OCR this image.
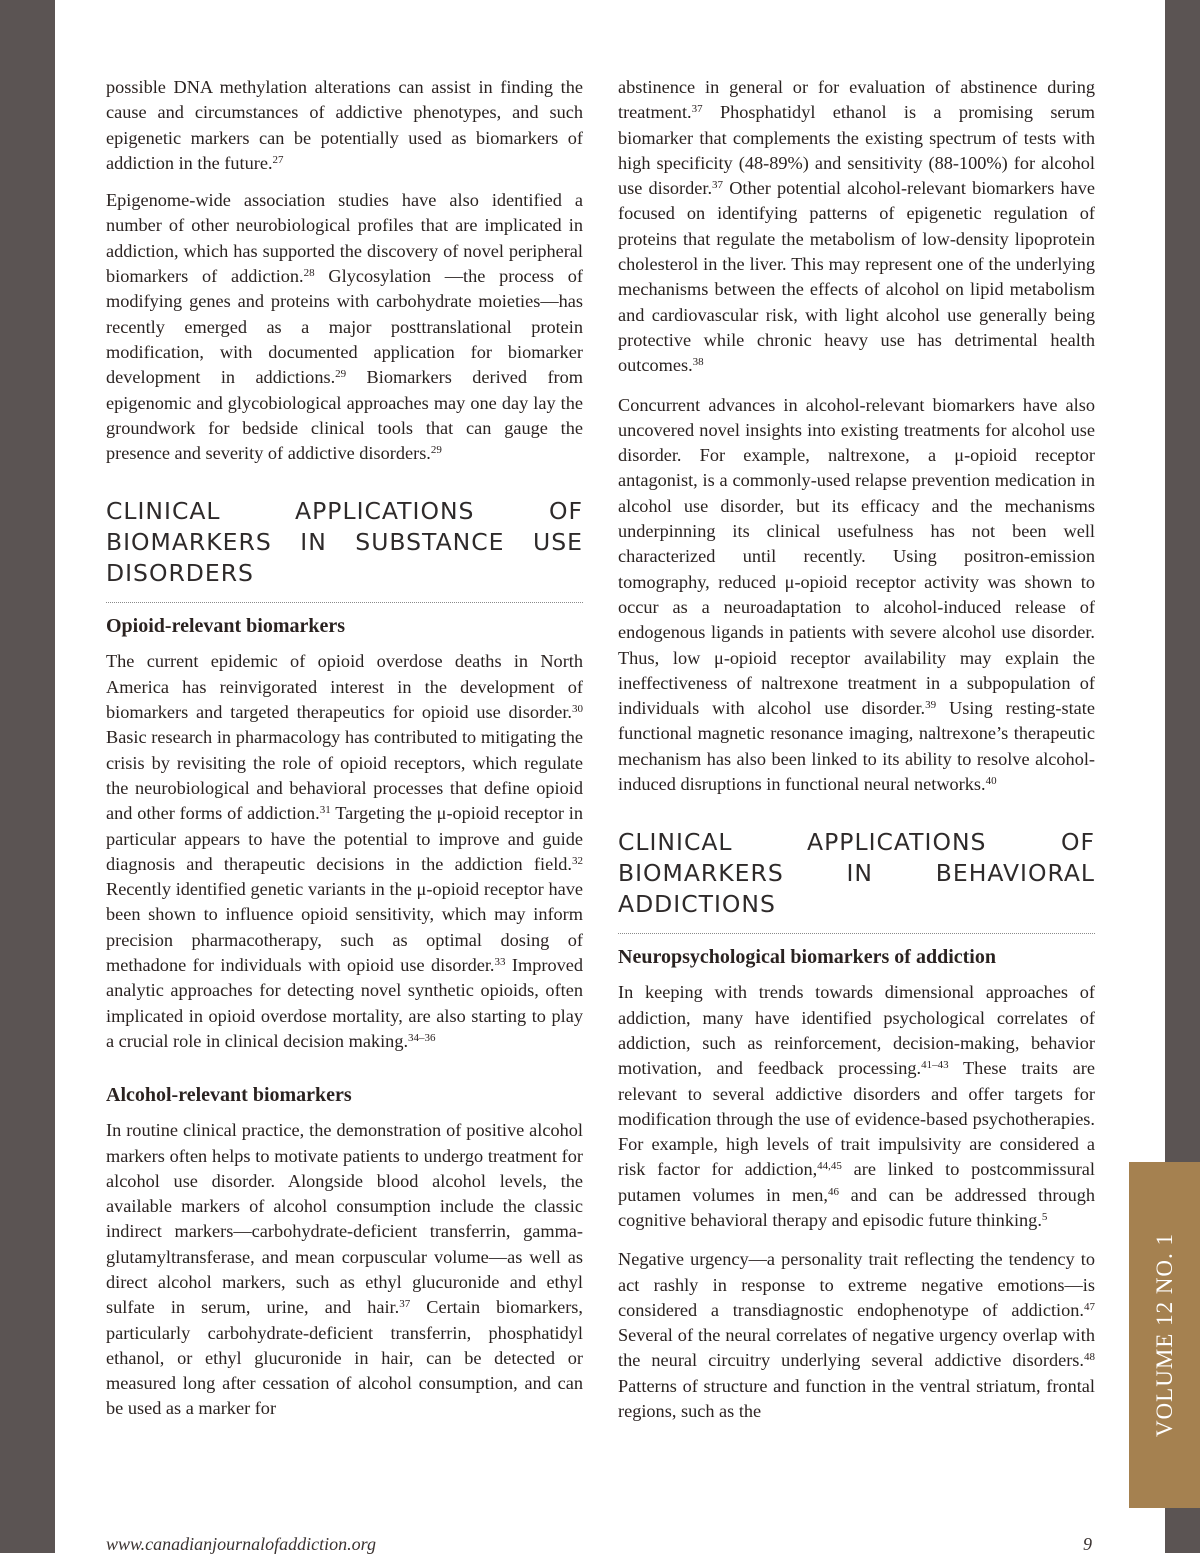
VOLUME 12 NO. 1

possible DNA methylation alterations can assist in finding the cause and circumstances of addictive phenotypes, and such epigenetic markers can be potentially used as biomarkers of addiction in the future.$^{27}$

Epigenome-wide association studies have also identified a number of other neurobiological profiles that are implicated in addiction, which has supported the discovery of novel peripheral biomarkers of addiction.$^{28}$ Glycosylation —the process of modifying genes and proteins with carbohydrate moieties—has recently emerged as a major posttranslational protein modification, with documented application for biomarker development in addictions.$^{29}$ Biomarkers derived from epigenomic and glycobiological approaches may one day lay the groundwork for bedside clinical tools that can gauge the presence and severity of addictive disorders.$^{29}$

CLINICAL APPLICATIONS OF BIOMARKERS IN SUBSTANCE USE DISORDERS
Opioid-relevant biomarkers

The current epidemic of opioid overdose deaths in North America has reinvigorated interest in the development of biomarkers and targeted therapeutics for opioid use disorder.$^{30}$ Basic research in pharmacology has contributed to mitigating the crisis by revisiting the role of opioid receptors, which regulate the neurobiological and behavioral processes that define opioid and other forms of addiction.$^{31}$ Targeting the μ-opioid receptor in particular appears to have the potential to improve and guide diagnosis and therapeutic decisions in the addiction field.$^{32}$ Recently identified genetic variants in the μ-opioid receptor have been shown to influence opioid sensitivity, which may inform precision pharmacotherapy, such as optimal dosing of methadone for individuals with opioid use disorder.$^{33}$ Improved analytic approaches for detecting novel synthetic opioids, often implicated in opioid overdose mortality, are also starting to play a crucial role in clinical decision making.$^{34-36}$

Alcohol-relevant biomarkers

In routine clinical practice, the demonstration of positive alcohol markers often helps to motivate patients to undergo treatment for alcohol use disorder. Alongside blood alcohol levels, the available markers of alcohol consumption include the classic indirect markers—carbohydrate-deficient transferrin, gamma-glutamyltransferase, and mean corpuscular volume—as well as direct alcohol markers, such as ethyl glucuronide and ethyl sulfate in serum, urine, and hair.$^{37}$ Certain biomarkers, particularly carbohydrate-deficient transferrin, phosphatidyl ethanol, or ethyl glucuronide in hair, can be detected or measured long after cessation of alcohol consumption, and can be used as a marker for

abstinence in general or for evaluation of abstinence during treatment.$^{37}$ Phosphatidyl ethanol is a promising serum biomarker that complements the existing spectrum of tests with high specificity (48-89%) and sensitivity (88-100%) for alcohol use disorder.$^{37}$ Other potential alcohol-relevant biomarkers have focused on identifying patterns of epigenetic regulation of proteins that regulate the metabolism of low-density lipoprotein cholesterol in the liver. This may represent one of the underlying mechanisms between the effects of alcohol on lipid metabolism and cardiovascular risk, with light alcohol use generally being protective while chronic heavy use has detrimental health outcomes.$^{38}$

Concurrent advances in alcohol-relevant biomarkers have also uncovered novel insights into existing treatments for alcohol use disorder. For example, naltrexone, a μ-opioid receptor antagonist, is a commonly-used relapse prevention medication in alcohol use disorder, but its efficacy and the mechanisms underpinning its clinical usefulness has not been well characterized until recently. Using positron-emission tomography, reduced μ-opioid receptor activity was shown to occur as a neuroadaptation to alcohol-induced release of endogenous ligands in patients with severe alcohol use disorder. Thus, low μ-opioid receptor availability may explain the ineffectiveness of naltrexone treatment in a subpopulation of individuals with alcohol use disorder.$^{39}$ Using resting-state functional magnetic resonance imaging, naltrexone’s therapeutic mechanism has also been linked to its ability to resolve alcohol-induced disruptions in functional neural networks.$^{40}$

CLINICAL APPLICATIONS OF BIOMARKERS IN BEHAVIORAL ADDICTIONS
Neuropsychological biomarkers of addiction

In keeping with trends towards dimensional approaches of addiction, many have identified psychological correlates of addiction, such as reinforcement, decision-making, behavior motivation, and feedback processing.$^{41-43}$ These traits are relevant to several addictive disorders and offer targets for modification through the use of evidence-based psychotherapies. For example, high levels of trait impulsivity are considered a risk factor for addiction,$^{44,45}$ are linked to postcommissural putamen volumes in men,$^{46}$ and can be addressed through cognitive behavioral therapy and episodic future thinking.$^5$

Negative urgency—a personality trait reflecting the tendency to act rashly in response to extreme negative emotions—is considered a transdiagnostic endophenotype of addiction.$^{47}$ Several of the neural correlates of negative urgency overlap with the neural circuitry underlying several addictive disorders.$^{48}$ Patterns of structure and function in the ventral striatum, frontal regions, such as the

www.canadianjournalofaddiction.org	9
